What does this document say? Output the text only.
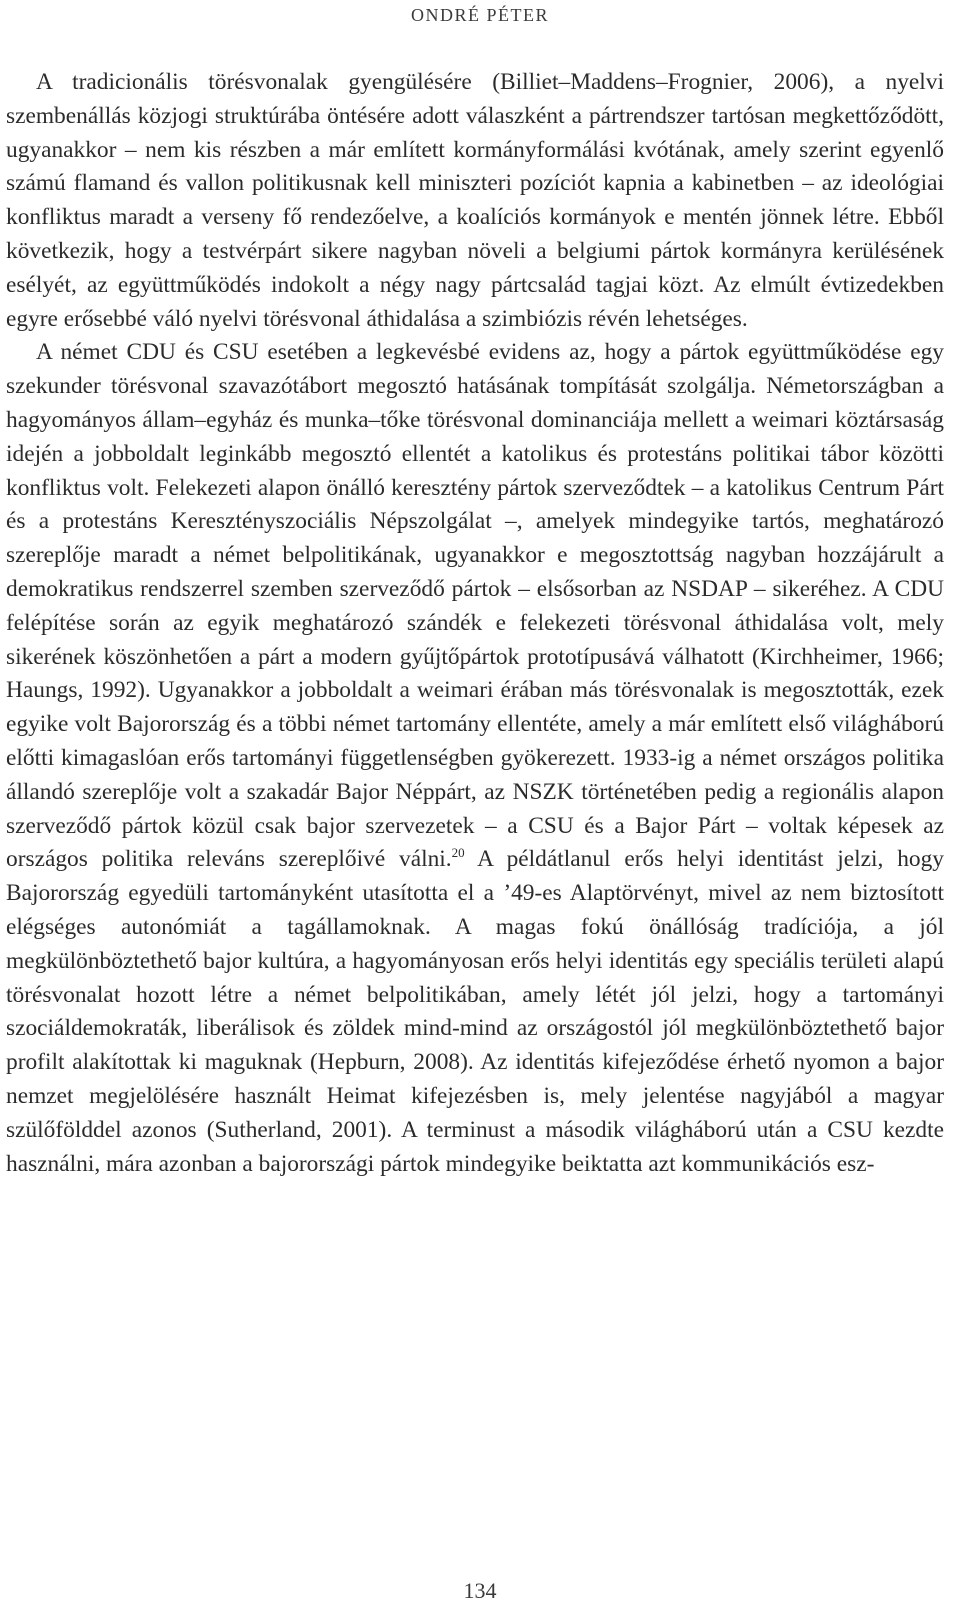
ONDRÉ PÉTER

A tradicionális törésvonalak gyengülésére (Billiet–Maddens–Frognier, 2006), a nyelvi szembenállás közjogi struktúrába öntésére adott válaszként a pártrendszer tartósan megkettőződött, ugyanakkor – nem kis részben a már említett kormányformálási kvótának, amely szerint egyenlő számú flamand és vallon politikusnak kell miniszteri pozíciót kapnia a kabinetben – az ideológiai konfliktus maradt a verseny fő rendezőelve, a koalíciós kormányok e mentén jönnek létre. Ebből következik, hogy a testvérpárt sikere nagyban növeli a belgiumi pártok kormányra kerülésének esélyét, az együttműködés indokolt a négy nagy pártcsalád tagjai közt. Az elmúlt évtizedekben egyre erősebbé váló nyelvi törésvonal áthidalása a szimbiózis révén lehetséges.

A német CDU és CSU esetében a legkevésbé evidens az, hogy a pártok együttműködése egy szekunder törésvonal szavazótábort megosztó hatásának tompítását szolgálja. Németországban a hagyományos állam–egyház és munka–tőke törésvonal dominanciája mellett a weimari köztársaság idején a jobboldalt leginkább megosztó ellentét a katolikus és protestáns politikai tábor közötti konfliktus volt. Felekezeti alapon önálló keresztény pártok szerveződtek – a katolikus Centrum Párt és a protestáns Keresztényszociális Népszolgálat –, amelyek mindegyike tartós, meghatározó szereplője maradt a német belpolitikának, ugyanakkor e megosztottság nagyban hozzájárult a demokratikus rendszerrel szemben szerveződő pártok – elsősorban az NSDAP – sikeréhez. A CDU felépítése során az egyik meghatározó szándék e felekezeti törésvonal áthidalása volt, mely sikerének köszönhetően a párt a modern gyűjtőpártok prototípusává válhatott (Kirchheimer, 1966; Haungs, 1992). Ugyanakkor a jobboldalt a weimari érában más törésvonalak is megosztották, ezek egyike volt Bajorország és a többi német tartomány ellentéte, amely a már említett első világháború előtti kimagaslóan erős tartományi függetlenségben gyökerezett. 1933-ig a német országos politika állandó szereplője volt a szakadár Bajor Néppárt, az NSZK történetében pedig a regionális alapon szerveződő pártok közül csak bajor szervezetek – a CSU és a Bajor Párt – voltak képesek az országos politika releváns szereplőivé válni.$^{20}$ A példátlanul erős helyi identitást jelzi, hogy Bajorország egyedüli tartományként utasította el a ’49-es Alaptörvényt, mivel az nem biztosított elégséges autonómiát a tagállamoknak. A magas fokú önállóság tradíciója, a jól megkülönböztethető bajor kultúra, a hagyományosan erős helyi identitás egy speciális területi alapú törésvonalat hozott létre a német belpolitikában, amely létét jól jelzi, hogy a tartományi szociáldemokraták, liberálisok és zöldek mind-mind az országostól jól megkülönböztethető bajor profilt alakítottak ki maguknak (Hepburn, 2008). Az identitás kifejeződése érhető nyomon a bajor nemzet megjelölésére használt Heimat kifejezésben is, mely jelentése nagyjából a magyar szülőfölddel azonos (Sutherland, 2001). A terminust a második világháború után a CSU kezdte használni, mára azonban a bajorországi pártok mindegyike beiktatta azt kommunikációs esz-

134
